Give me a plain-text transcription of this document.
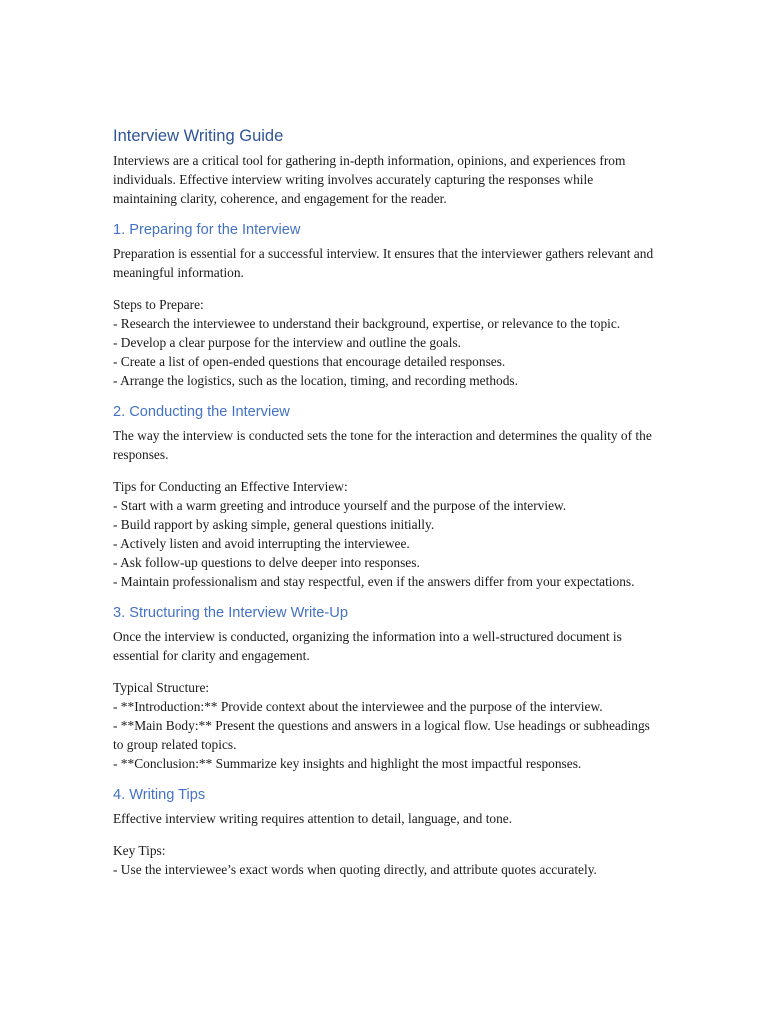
Interview Writing Guide

Interviews are a critical tool for gathering in-depth information, opinions, and experiences from individuals. Effective interview writing involves accurately capturing the responses while maintaining clarity, coherence, and engagement for the reader.

1. Preparing for the Interview

Preparation is essential for a successful interview. It ensures that the interviewer gathers relevant and meaningful information.

Steps to Prepare:

- Research the interviewee to understand their background, expertise, or relevance to the topic.
- Develop a clear purpose for the interview and outline the goals.
- Create a list of open-ended questions that encourage detailed responses.
- Arrange the logistics, such as the location, timing, and recording methods.
2. Conducting the Interview

The way the interview is conducted sets the tone for the interaction and determines the quality of the responses.

Tips for Conducting an Effective Interview:

- Start with a warm greeting and introduce yourself and the purpose of the interview.
- Build rapport by asking simple, general questions initially.
- Actively listen and avoid interrupting the interviewee.
- Ask follow-up questions to delve deeper into responses.
- Maintain professionalism and stay respectful, even if the answers differ from your expectations.
3. Structuring the Interview Write-Up

Once the interview is conducted, organizing the information into a well-structured document is essential for clarity and engagement.

Typical Structure:

- **Introduction:** Provide context about the interviewee and the purpose of the interview.
- **Main Body:** Present the questions and answers in a logical flow. Use headings or subheadings to group related topics.
- **Conclusion:** Summarize key insights and highlight the most impactful responses.
4. Writing Tips

Effective interview writing requires attention to detail, language, and tone.

Key Tips:

- Use the interviewee’s exact words when quoting directly, and attribute quotes accurately.
